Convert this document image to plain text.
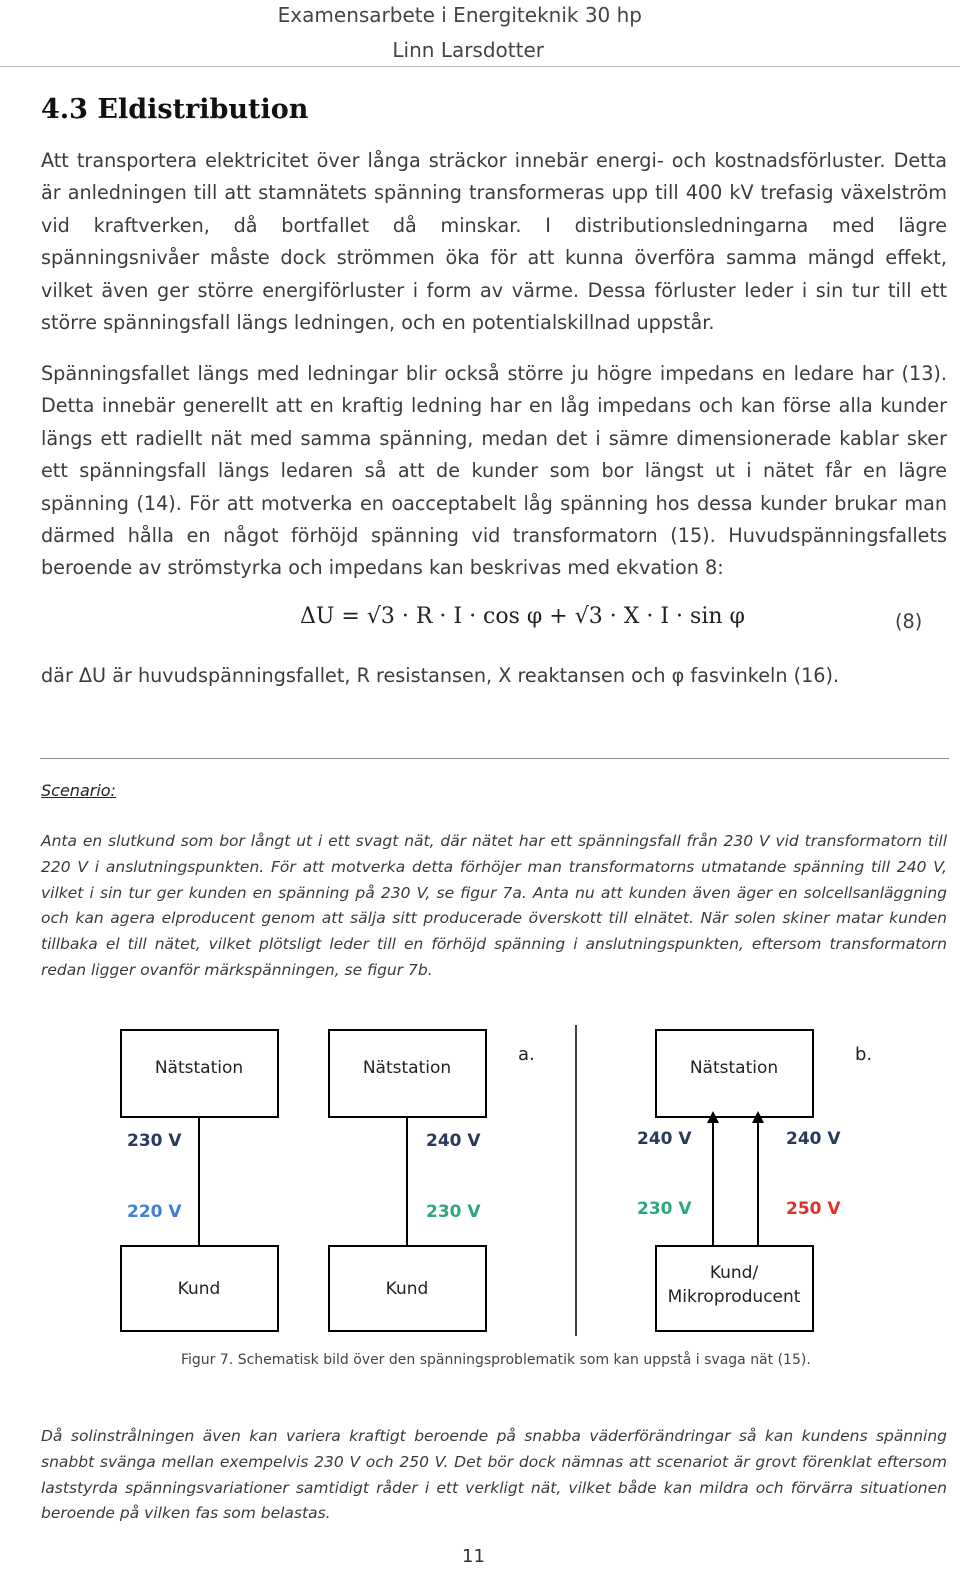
Examensarbete i Energiteknik 30 hp
Linn Larsdotter
4.3 Eldistribution
Att transportera elektricitet över långa sträckor innebär energi- och kostnadsförluster. Detta är anledningen till att stamnätets spänning transformeras upp till 400 kV trefasig växelström vid kraftverken, då bortfallet då minskar. I distributionsledningarna med lägre spänningsnivåer måste dock strömmen öka för att kunna överföra samma mängd effekt, vilket även ger större energiförluster i form av värme. Dessa förluster leder i sin tur till ett större spänningsfall längs ledningen, och en potentialskillnad uppstår.
Spänningsfallet längs med ledningar blir också större ju högre impedans en ledare har (13). Detta innebär generellt att en kraftig ledning har en låg impedans och kan förse alla kunder längs ett radiellt nät med samma spänning, medan det i sämre dimensionerade kablar sker ett spänningsfall längs ledaren så att de kunder som bor längst ut i nätet får en lägre spänning (14). För att motverka en oacceptabelt låg spänning hos dessa kunder brukar man därmed hålla en något förhöjd spänning vid transformatorn (15). Huvudspänningsfallets beroende av strömstyrka och impedans kan beskrivas med ekvation 8:
ΔU = √3 · R · I · cos φ + √3 · X · I · sin φ	(8)
där ΔU är huvudspänningsfallet, R resistansen, X reaktansen och φ fasvinkeln (16).
Scenario:
Anta en slutkund som bor långt ut i ett svagt nät, där nätet har ett spänningsfall från 230 V vid transformatorn till 220 V i anslutningspunkten. För att motverka detta förhöjer man transformatorns utmatande spänning till 240 V, vilket i sin tur ger kunden en spänning på 230 V, se figur 7a. Anta nu att kunden även äger en solcellsanläggning och kan agera elproducent genom att sälja sitt producerade överskott till elnätet. När solen skiner matar kunden tillbaka el till nätet, vilket plötsligt leder till en förhöjd spänning i anslutningspunkten, eftersom transformatorn redan ligger ovanför märkspänningen, se figur 7b.
Nätstation
Kund
230 V
220 V
Nätstation
Kund
240 V
230 V
a.	b.
Nätstation
Kund/
Mikroproducent
240 V
230 V
240 V
250 V
Figur 7. Schematisk bild över den spänningsproblematik som kan uppstå i svaga nät (15).
Då solinstrålningen även kan variera kraftigt beroende på snabba väderförändringar så kan kundens spänning snabbt svänga mellan exempelvis 230 V och 250 V. Det bör dock nämnas att scenariot är grovt förenklat eftersom laststyrda spänningsvariationer samtidigt råder i ett verkligt nät, vilket både kan mildra och förvärra situationen beroende på vilken fas som belastas.
11
